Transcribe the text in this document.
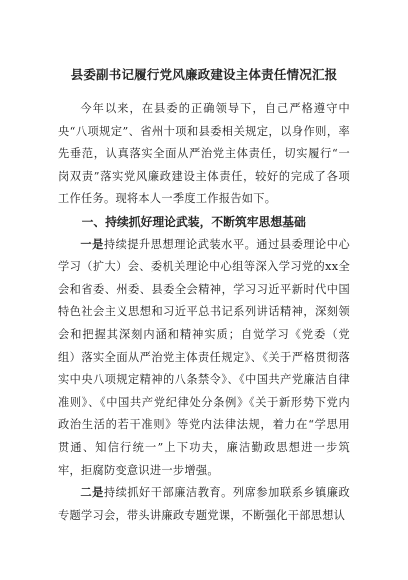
县委副书记履行党风廉政建设主体责任情况汇报

今年以来，在县委的正确领导下，自己严格遵守中央“八项规定”、省州十项和县委相关规定，以身作则，率先垂范，认真落实全面从严治党主体责任，切实履行“一岗双责”落实党风廉政建设主体责任，较好的完成了各项工作任务。现将本人一季度工作报告如下。

一、持续抓好理论武装，不断筑牢思想基础

一是持续提升思想理论武装水平。通过县委理论中心学习（扩大）会、委机关理论中心组等深入学习党的xx全会和省委、州委、县委全会精神，学习习近平新时代中国特色社会主义思想和习近平总书记系列讲话精神，深刻领会和把握其深刻内涵和精神实质；自觉学习《党委（党组）落实全面从严治党主体责任规定》、《关于严格贯彻落实中央八项规定精神的八条禁令》、《中国共产党廉洁自律准则》、《中国共产党纪律处分条例》《关于新形势下党内政治生活的若干准则》等党内法律法规，着力在“学思用贯通、知信行统一”上下功夫，廉洁勤政思想进一步筑牢，拒腐防变意识进一步增强。

二是持续抓好干部廉洁教育。列席参加联系乡镇廉政专题学习会，带头讲廉政专题党课，不断强化干部思想认
